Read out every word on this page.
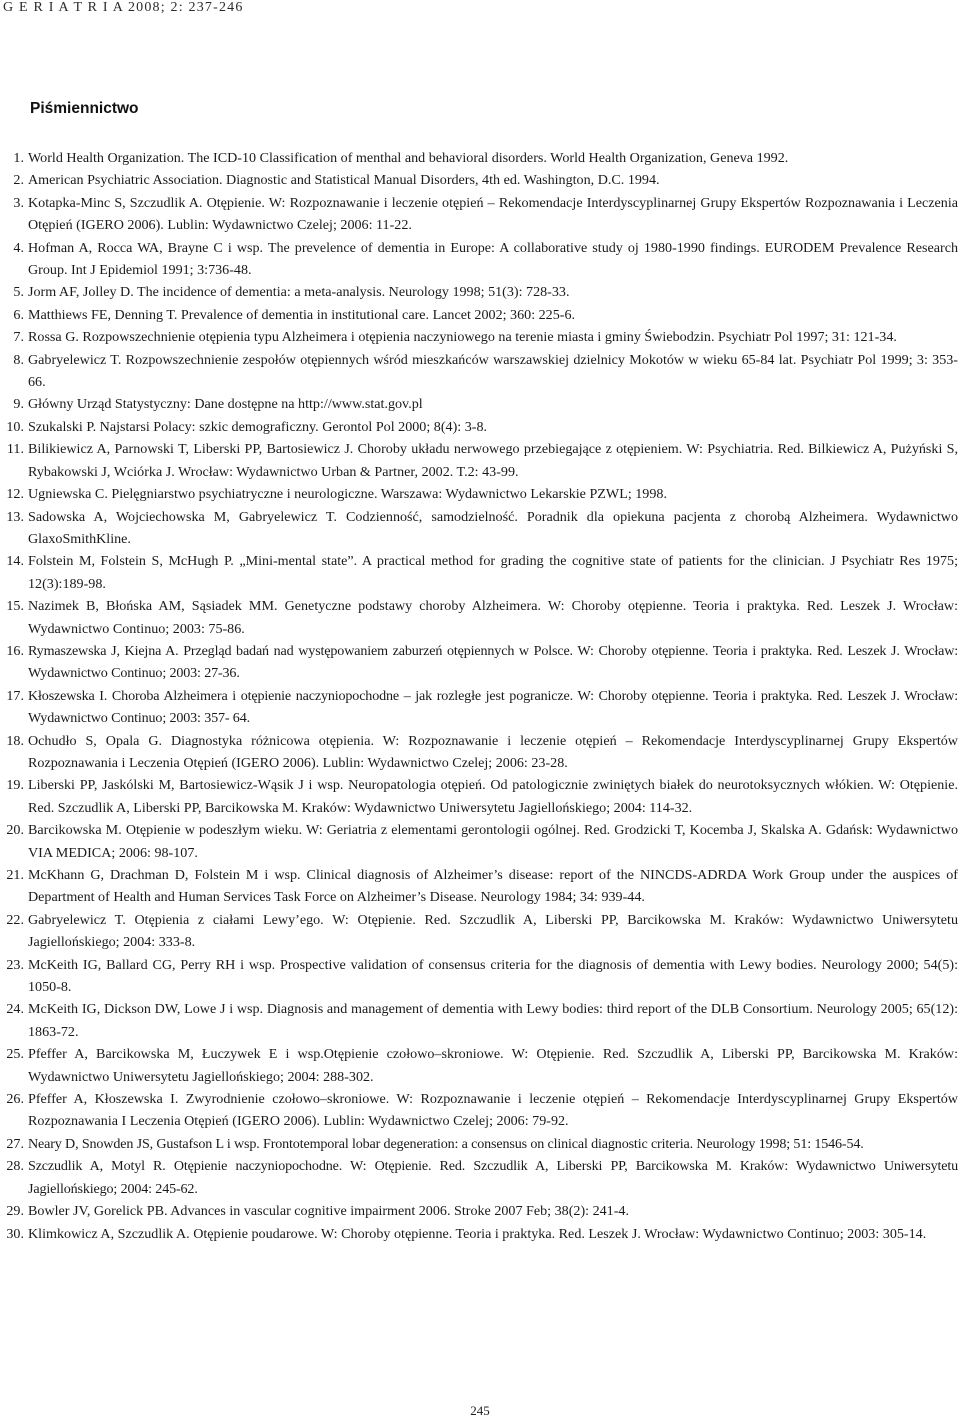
G E R I A T R I A 2008; 2: 237-246
Piśmiennictwo
1. World Health Organization. The ICD-10 Classification of menthal and behavioral disorders. World Health Organization, Geneva 1992.
2. American Psychiatric Association. Diagnostic and Statistical Manual Disorders, 4th ed. Washington, D.C. 1994.
3. Kotapka-Minc S, Szczudlik A. Otępienie. W: Rozpoznawanie i leczenie otępień – Rekomendacje Interdyscyplinarnej Grupy Ekspertów Rozpoznawania i Leczenia Otępień (IGERO 2006). Lublin: Wydawnictwo Czelej; 2006: 11-22.
4. Hofman A, Rocca WA, Brayne C i wsp. The prevelence of dementia in Europe: A collaborative study oj 1980-1990 findings. EURODEM Prevalence Research Group. Int J Epidemiol 1991; 3:736-48.
5. Jorm AF, Jolley D. The incidence of dementia: a meta-analysis. Neurology 1998; 51(3): 728-33.
6. Matthiews FE, Denning T. Prevalence of dementia in institutional care. Lancet 2002; 360: 225-6.
7. Rossa G. Rozpowszechnienie otępienia typu Alzheimera i otępienia naczyniowego na terenie miasta i gminy Świebodzin. Psychiatr Pol 1997; 31: 121-34.
8. Gabryelewicz T. Rozpowszechnienie zespołów otępiennych wśród mieszkańców warszawskiej dzielnicy Mokotów w wieku 65-84 lat. Psychiatr Pol 1999; 3: 353-66.
9. Główny Urząd Statystyczny: Dane dostępne na http://www.stat.gov.pl
10. Szukalski P. Najstarsi Polacy: szkic demograficzny. Gerontol Pol 2000; 8(4): 3-8.
11. Bilikiewicz A, Parnowski T, Liberski PP, Bartosiewicz J. Choroby układu nerwowego przebiegające z otępieniem. W: Psychiatria. Red. Bilkiewicz A, Pużyński S, Rybakowski J, Wciórka J. Wrocław: Wydawnictwo Urban & Partner, 2002. T.2: 43-99.
12. Ugniewska C. Pielęgniarstwo psychiatryczne i neurologiczne. Warszawa: Wydawnictwo Lekarskie PZWL; 1998.
13. Sadowska A, Wojciechowska M, Gabryelewicz T. Codzienność, samodzielność. Poradnik dla opiekuna pacjenta z chorobą Alzheimera. Wydawnictwo GlaxoSmithKline.
14. Folstein M, Folstein S, McHugh P. „Mini-mental state”. A practical method for grading the cognitive state of patients for the clinician. J Psychiatr Res 1975; 12(3):189-98.
15. Nazimek B, Błońska AM, Sąsiadek MM. Genetyczne podstawy choroby Alzheimera. W: Choroby otępienne. Teoria i praktyka. Red. Leszek J. Wrocław: Wydawnictwo Continuo; 2003: 75-86.
16. Rymaszewska J, Kiejna A. Przegląd badań nad występowaniem zaburzeń otępiennych w Polsce. W: Choroby otępienne. Teoria i praktyka. Red. Leszek J. Wrocław: Wydawnictwo Continuo; 2003: 27-36.
17. Kłoszewska I. Choroba Alzheimera i otępienie naczyniopochodne – jak rozległe jest pogranicze. W: Choroby otępienne. Teoria i praktyka. Red. Leszek J. Wrocław: Wydawnictwo Continuo; 2003: 357- 64.
18. Ochudło S, Opala G. Diagnostyka różnicowa otępienia. W: Rozpoznawanie i leczenie otępień – Rekomendacje Interdyscyplinarnej Grupy Ekspertów Rozpoznawania i Leczenia Otępień (IGERO 2006). Lublin: Wydawnictwo Czelej; 2006: 23-28.
19. Liberski PP, Jaskólski M, Bartosiewicz-Wąsik J i wsp. Neuropatologia otępień. Od patologicznie zwiniętych białek do neurotoksycznych włókien. W: Otępienie. Red. Szczudlik A, Liberski PP, Barcikowska M. Kraków: Wydawnictwo Uniwersytetu Jagiellońskiego; 2004: 114-32.
20. Barcikowska M. Otępienie w podeszłym wieku. W: Geriatria z elementami gerontologii ogólnej. Red. Grodzicki T, Kocemba J, Skalska A. Gdańsk: Wydawnictwo VIA MEDICA; 2006: 98-107.
21. McKhann G, Drachman D, Folstein M i wsp. Clinical diagnosis of Alzheimer’s disease: report of the NINCDS-ADRDA Work Group under the auspices of Department of Health and Human Services Task Force on Alzheimer’s Disease. Neurology 1984; 34: 939-44.
22. Gabryelewicz T. Otępienia z ciałami Lewy’ego. W: Otępienie. Red. Szczudlik A, Liberski PP, Barcikowska M. Kraków: Wydawnictwo Uniwersytetu Jagiellońskiego; 2004: 333-8.
23. McKeith IG, Ballard CG, Perry RH i wsp. Prospective validation of consensus criteria for the diagnosis of dementia with Lewy bodies. Neurology 2000; 54(5): 1050-8.
24. McKeith IG, Dickson DW, Lowe J i wsp. Diagnosis and management of dementia with Lewy bodies: third report of the DLB Consortium. Neurology 2005; 65(12): 1863-72.
25. Pfeffer A, Barcikowska M, Łuczywek E i wsp.Otępienie czołowo–skroniowe. W: Otępienie. Red. Szczudlik A, Liberski PP, Barcikowska M. Kraków: Wydawnictwo Uniwersytetu Jagiellońskiego; 2004: 288-302.
26. Pfeffer A, Kłoszewska I. Zwyrodnienie czołowo–skroniowe. W: Rozpoznawanie i leczenie otępień – Rekomendacje Interdyscyplinarnej Grupy Ekspertów Rozpoznawania I Leczenia Otępień (IGERO 2006). Lublin: Wydawnictwo Czelej; 2006: 79-92.
27. Neary D, Snowden JS, Gustafson L i wsp. Frontotemporal lobar degeneration: a consensus on clinical diagnostic criteria. Neurology 1998; 51: 1546-54.
28. Szczudlik A, Motyl R. Otępienie naczyniopochodne. W: Otępienie. Red. Szczudlik A, Liberski PP, Barcikowska M. Kraków: Wydawnictwo Uniwersytetu Jagiellońskiego; 2004: 245-62.
29. Bowler JV, Gorelick PB. Advances in vascular cognitive impairment 2006. Stroke 2007 Feb; 38(2): 241-4.
30. Klimkowicz A, Szczudlik A. Otępienie poudarowe. W: Choroby otępienne. Teoria i praktyka. Red. Leszek J. Wrocław: Wydawnictwo Continuo; 2003: 305-14.
245
